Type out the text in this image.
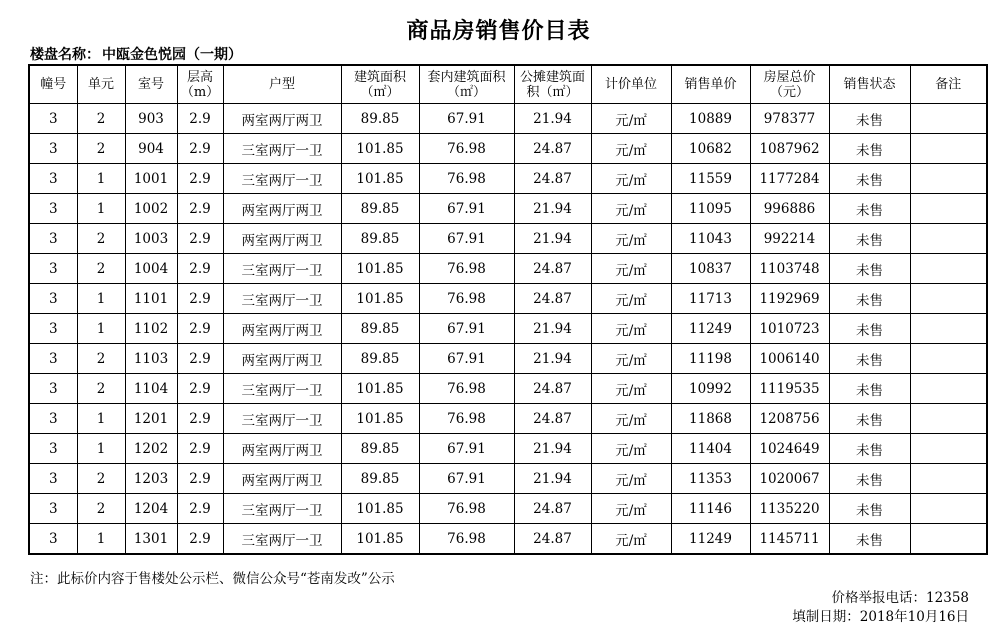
商品房销售价目表
楼盘名称： 中瓯金色悦园（一期）
幢号	单元	室号	层高（m）	户型	建筑面积（㎡）	套内建筑面积（㎡）	公摊建筑面积（㎡）	计价单位	销售单价	房屋总价（元）	销售状态	备注
3	2	903	2.9	两室两厅两卫	89.85	67.91	21.94	元/㎡	10889	978377	未售	
3	2	904	2.9	三室两厅一卫	101.85	76.98	24.87	元/㎡	10682	1087962	未售	
3	1	1001	2.9	三室两厅一卫	101.85	76.98	24.87	元/㎡	11559	1177284	未售	
3	1	1002	2.9	两室两厅两卫	89.85	67.91	21.94	元/㎡	11095	996886	未售	
3	2	1003	2.9	两室两厅两卫	89.85	67.91	21.94	元/㎡	11043	992214	未售	
3	2	1004	2.9	三室两厅一卫	101.85	76.98	24.87	元/㎡	10837	1103748	未售	
3	1	1101	2.9	三室两厅一卫	101.85	76.98	24.87	元/㎡	11713	1192969	未售	
3	1	1102	2.9	两室两厅两卫	89.85	67.91	21.94	元/㎡	11249	1010723	未售	
3	2	1103	2.9	两室两厅两卫	89.85	67.91	21.94	元/㎡	11198	1006140	未售	
3	2	1104	2.9	三室两厅一卫	101.85	76.98	24.87	元/㎡	10992	1119535	未售	
3	1	1201	2.9	三室两厅一卫	101.85	76.98	24.87	元/㎡	11868	1208756	未售	
3	1	1202	2.9	两室两厅两卫	89.85	67.91	21.94	元/㎡	11404	1024649	未售	
3	2	1203	2.9	两室两厅两卫	89.85	67.91	21.94	元/㎡	11353	1020067	未售	
3	2	1204	2.9	三室两厅一卫	101.85	76.98	24.87	元/㎡	11146	1135220	未售	
3	1	1301	2.9	三室两厅一卫	101.85	76.98	24.87	元/㎡	11249	1145711	未售	
注：此标价内容于售楼处公示栏、微信公众号“苍南发改”公示
价格举报电话：12358
填制日期：2018年10月16日
